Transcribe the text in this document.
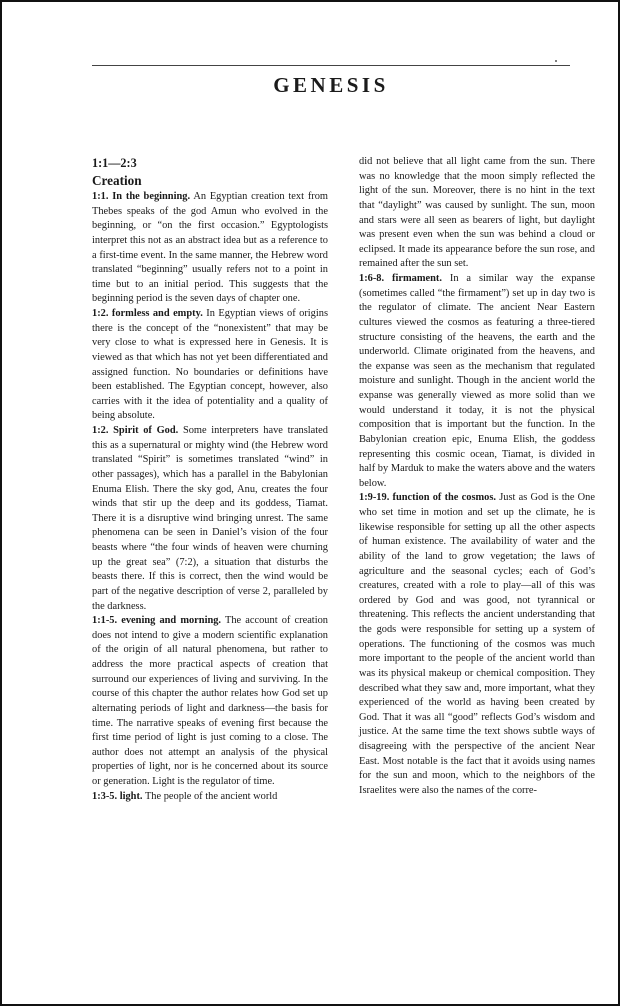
GENESIS

1:1—2:3

Creation

1:1. In the beginning. An Egyptian creation text from Thebes speaks of the god Amun who evolved in the beginning, or “on the first occasion.” Egyptologists interpret this not as an abstract idea but as a reference to a first-time event. In the same manner, the Hebrew word translated “beginning” usually refers not to a point in time but to an initial period. This suggests that the beginning period is the seven days of chapter one.

1:2. formless and empty. In Egyptian views of origins there is the concept of the “nonexistent” that may be very close to what is expressed here in Genesis. It is viewed as that which has not yet been differentiated and assigned function. No boundaries or definitions have been established. The Egyptian concept, however, also carries with it the idea of potentiality and a quality of being absolute.

1:2. Spirit of God. Some interpreters have translated this as a supernatural or mighty wind (the Hebrew word translated “Spirit” is sometimes translated “wind” in other passages), which has a parallel in the Babylonian Enuma Elish. There the sky god, Anu, creates the four winds that stir up the deep and its goddess, Tiamat. There it is a disruptive wind bringing unrest. The same phenomena can be seen in Daniel’s vision of the four beasts where “the four winds of heaven were churning up the great sea” (7:2), a situation that disturbs the beasts there. If this is correct, then the wind would be part of the negative description of verse 2, paralleled by the darkness.

1:1-5. evening and morning. The account of creation does not intend to give a modern scientific explanation of the origin of all natural phenomena, but rather to address the more practical aspects of creation that surround our experiences of living and surviving. In the course of this chapter the author relates how God set up alternating periods of light and darkness—the basis for time. The narrative speaks of evening first because the first time period of light is just coming to a close. The author does not attempt an analysis of the physical properties of light, nor is he concerned about its source or generation. Light is the regulator of time.

1:3-5. light. The people of the ancient world

did not believe that all light came from the sun. There was no knowledge that the moon simply reflected the light of the sun. Moreover, there is no hint in the text that “daylight” was caused by sunlight. The sun, moon and stars were all seen as bearers of light, but daylight was present even when the sun was behind a cloud or eclipsed. It made its appearance before the sun rose, and remained after the sun set.

1:6-8. firmament. In a similar way the expanse (sometimes called “the firmament”) set up in day two is the regulator of climate. The ancient Near Eastern cultures viewed the cosmos as featuring a three-tiered structure consisting of the heavens, the earth and the underworld. Climate originated from the heavens, and the expanse was seen as the mechanism that regulated moisture and sunlight. Though in the ancient world the expanse was generally viewed as more solid than we would understand it today, it is not the physical composition that is important but the function. In the Babylonian creation epic, Enuma Elish, the goddess representing this cosmic ocean, Tiamat, is divided in half by Marduk to make the waters above and the waters below.

1:9-19. function of the cosmos. Just as God is the One who set time in motion and set up the climate, he is likewise responsible for setting up all the other aspects of human existence. The availability of water and the ability of the land to grow vegetation; the laws of agriculture and the seasonal cycles; each of God’s creatures, created with a role to play—all of this was ordered by God and was good, not tyrannical or threatening. This reflects the ancient understanding that the gods were responsible for setting up a system of operations. The functioning of the cosmos was much more important to the people of the ancient world than was its physical makeup or chemical composition. They described what they saw and, more important, what they experienced of the world as having been created by God. That it was all “good” reflects God’s wisdom and justice. At the same time the text shows subtle ways of disagreeing with the perspective of the ancient Near East. Most notable is the fact that it avoids using names for the sun and moon, which to the neighbors of the Israelites were also the names of the corre-
